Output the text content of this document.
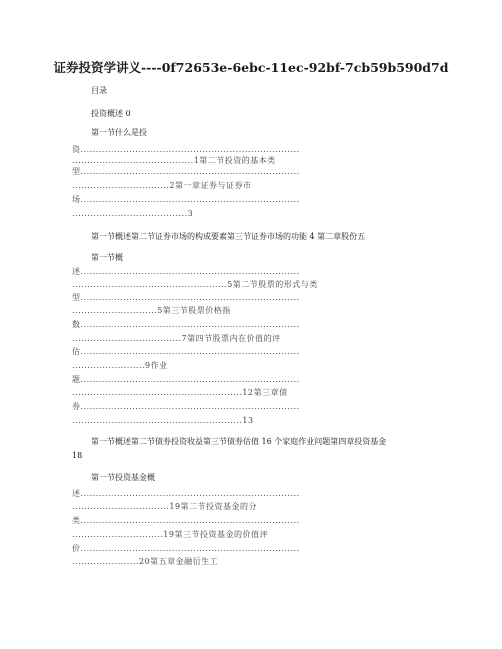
证券投资学讲义----0f72653e-6ebc-11ec-92bf-7cb59b590d7d
目录
投资概述 0
第一节什么是投
资........................................................................
........................................1第二节投资的基本类
型........................................................................
................................2第一章证券与证券市
场........................................................................
......................................3
第一节概述第二节证券市场的构成要素第三节证券市场的功能 4 第二章股份五
第一节概
述........................................................................
...................................................5第二节股票的形式与类
型........................................................................
............................5第三节股票价格指
数........................................................................
....................................7第四节股票内在价值的评
估........................................................................
........................9作业
题........................................................................
........................................................12第三章债
券........................................................................
........................................................13
第一节概述第二节债券投资收益第三节债券估值 16 个家庭作业问题第四章投资基金
18
第一节投资基金概
述........................................................................
................................19第二节投资基金的分
类........................................................................
..............................19第三节投资基金的价值评
价........................................................................
......................20第五章金融衍生工
